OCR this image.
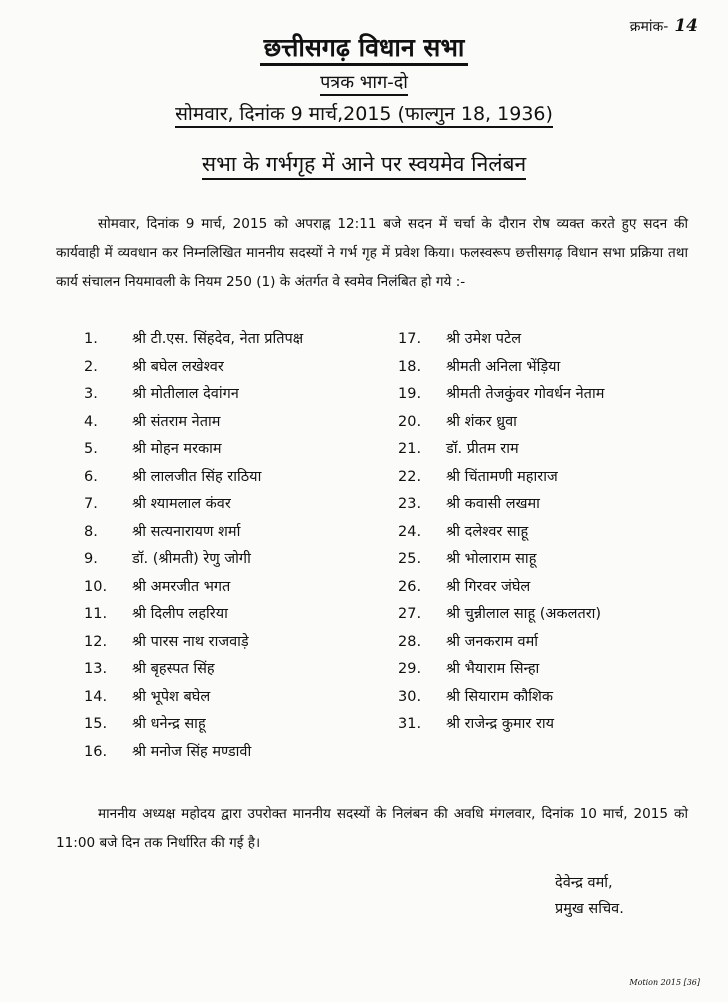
क्रमांक- 14
छत्तीसगढ़ विधान सभा
पत्रक भाग-दो
सोमवार, दिनांक 9 मार्च,2015 (फाल्गुन 18, 1936)
सभा के गर्भगृह में आने पर स्वयमेव निलंबन

सोमवार, दिनांक 9 मार्च, 2015 को अपराह्न 12:11 बजे सदन में चर्चा के दौरान रोष व्यक्त करते हुए सदन की कार्यवाही में व्यवधान कर निम्नलिखित माननीय सदस्यों ने गर्भ गृह में प्रवेश किया। फलस्वरूप छत्तीसगढ़ विधान सभा प्रक्रिया तथा कार्य संचालन नियमावली के नियम 250 (1) के अंतर्गत वे स्वमेव निलंबित हो गये :-

1. श्री टी.एस. सिंहदेव, नेता प्रतिपक्ष
2. श्री बघेल लखेश्वर
3. श्री मोतीलाल देवांगन
4. श्री संतराम नेताम
5. श्री मोहन मरकाम
6. श्री लालजीत सिंह राठिया
7. श्री श्यामलाल कंवर
8. श्री सत्यनारायण शर्मा
9. डॉ. (श्रीमती) रेणु जोगी
10. श्री अमरजीत भगत
11. श्री दिलीप लहरिया
12. श्री पारस नाथ राजवाड़े
13. श्री बृहस्पत सिंह
14. श्री भूपेश बघेल
15. श्री धनेन्द्र साहू
16. श्री मनोज सिंह मण्डावी
17. श्री उमेश पटेल
18. श्रीमती अनिला भेंड़िया
19. श्रीमती तेजकुंवर गोवर्धन नेताम
20. श्री शंकर ध्रुवा
21. डॉ. प्रीतम राम
22. श्री चिंतामणी महाराज
23. श्री कवासी लखमा
24. श्री दलेश्वर साहू
25. श्री भोलाराम साहू
26. श्री गिरवर जंघेल
27. श्री चुन्नीलाल साहू (अकलतरा)
28. श्री जनकराम वर्मा
29. श्री भैयाराम सिन्हा
30. श्री सियाराम कौशिक
31. श्री राजेन्द्र कुमार राय

माननीय अध्यक्ष महोदय द्वारा उपरोक्त माननीय सदस्यों के निलंबन की अवधि मंगलवार, दिनांक 10 मार्च, 2015 को 11:00 बजे दिन तक निर्धारित की गई है।

देवेन्द्र वर्मा,
प्रमुख सचिव.
Motion 2015 [36]
